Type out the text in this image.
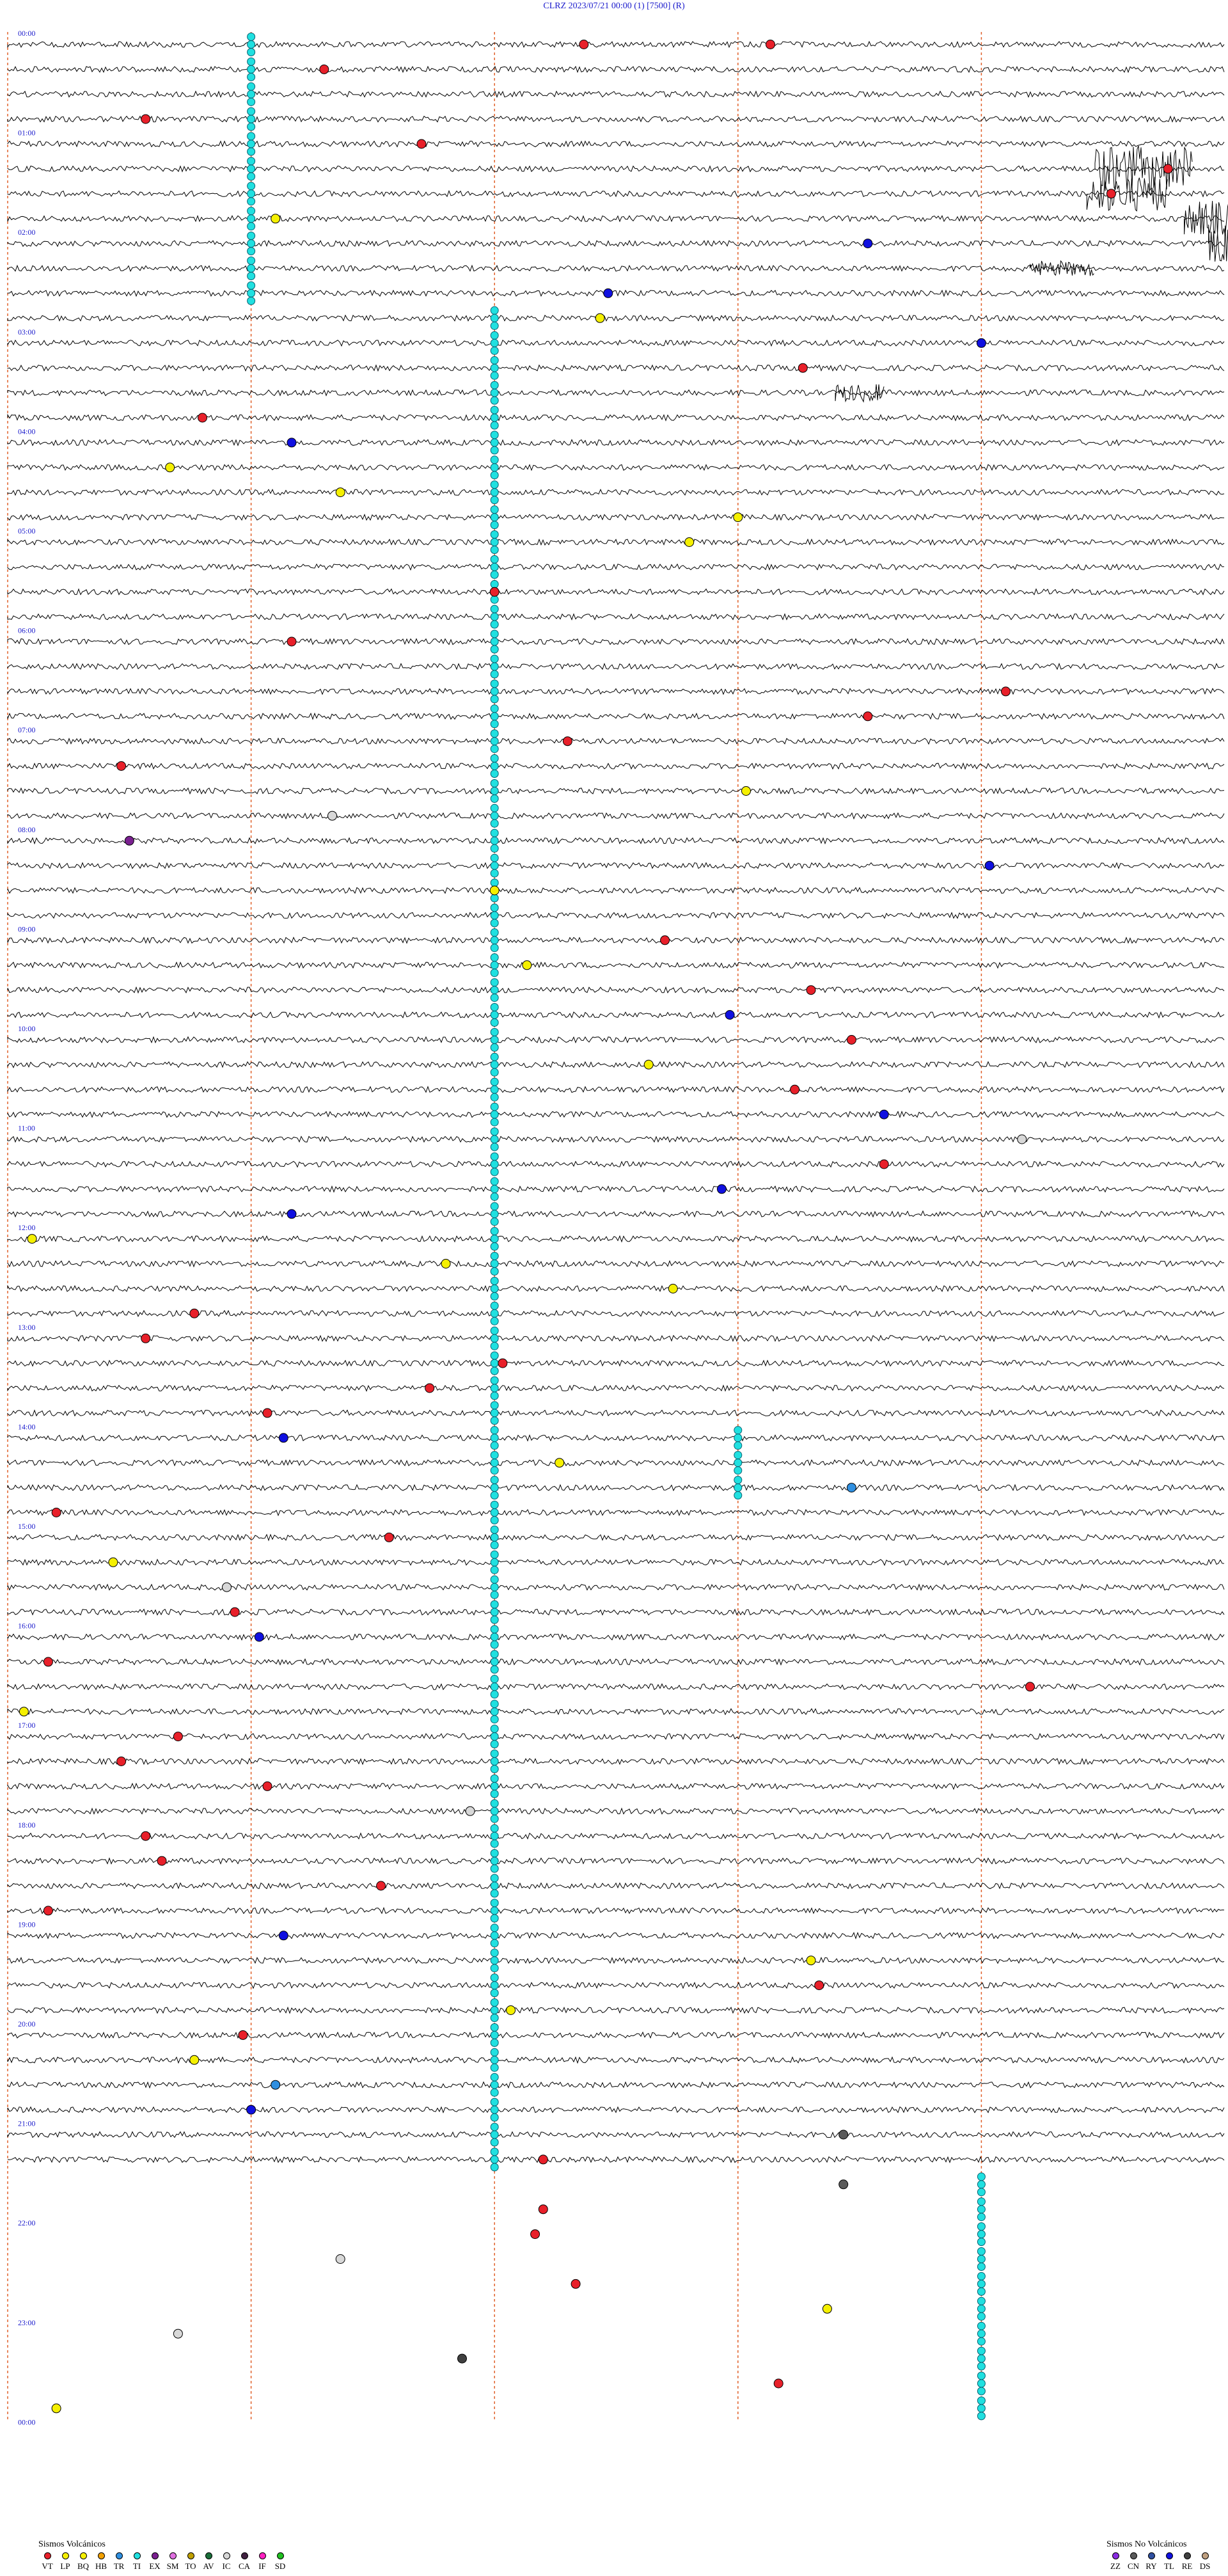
CLRZ 2023/07/21 00:00 (1) [7500] (R)
00:00
01:00
02:00
03:00
04:00
05:00
06:00
07:00
08:00
09:00
10:00
11:00
12:00
13:00
14:00
15:00
16:00
17:00
18:00
19:00
20:00
21:00
22:00
23:00
00:00
Sismos Volcánicos
VT LP BQ HB TR TI EX SM TO AV IC CA IF SD
Sismos No Volcánicos
ZZ CN RY TL RE DS
